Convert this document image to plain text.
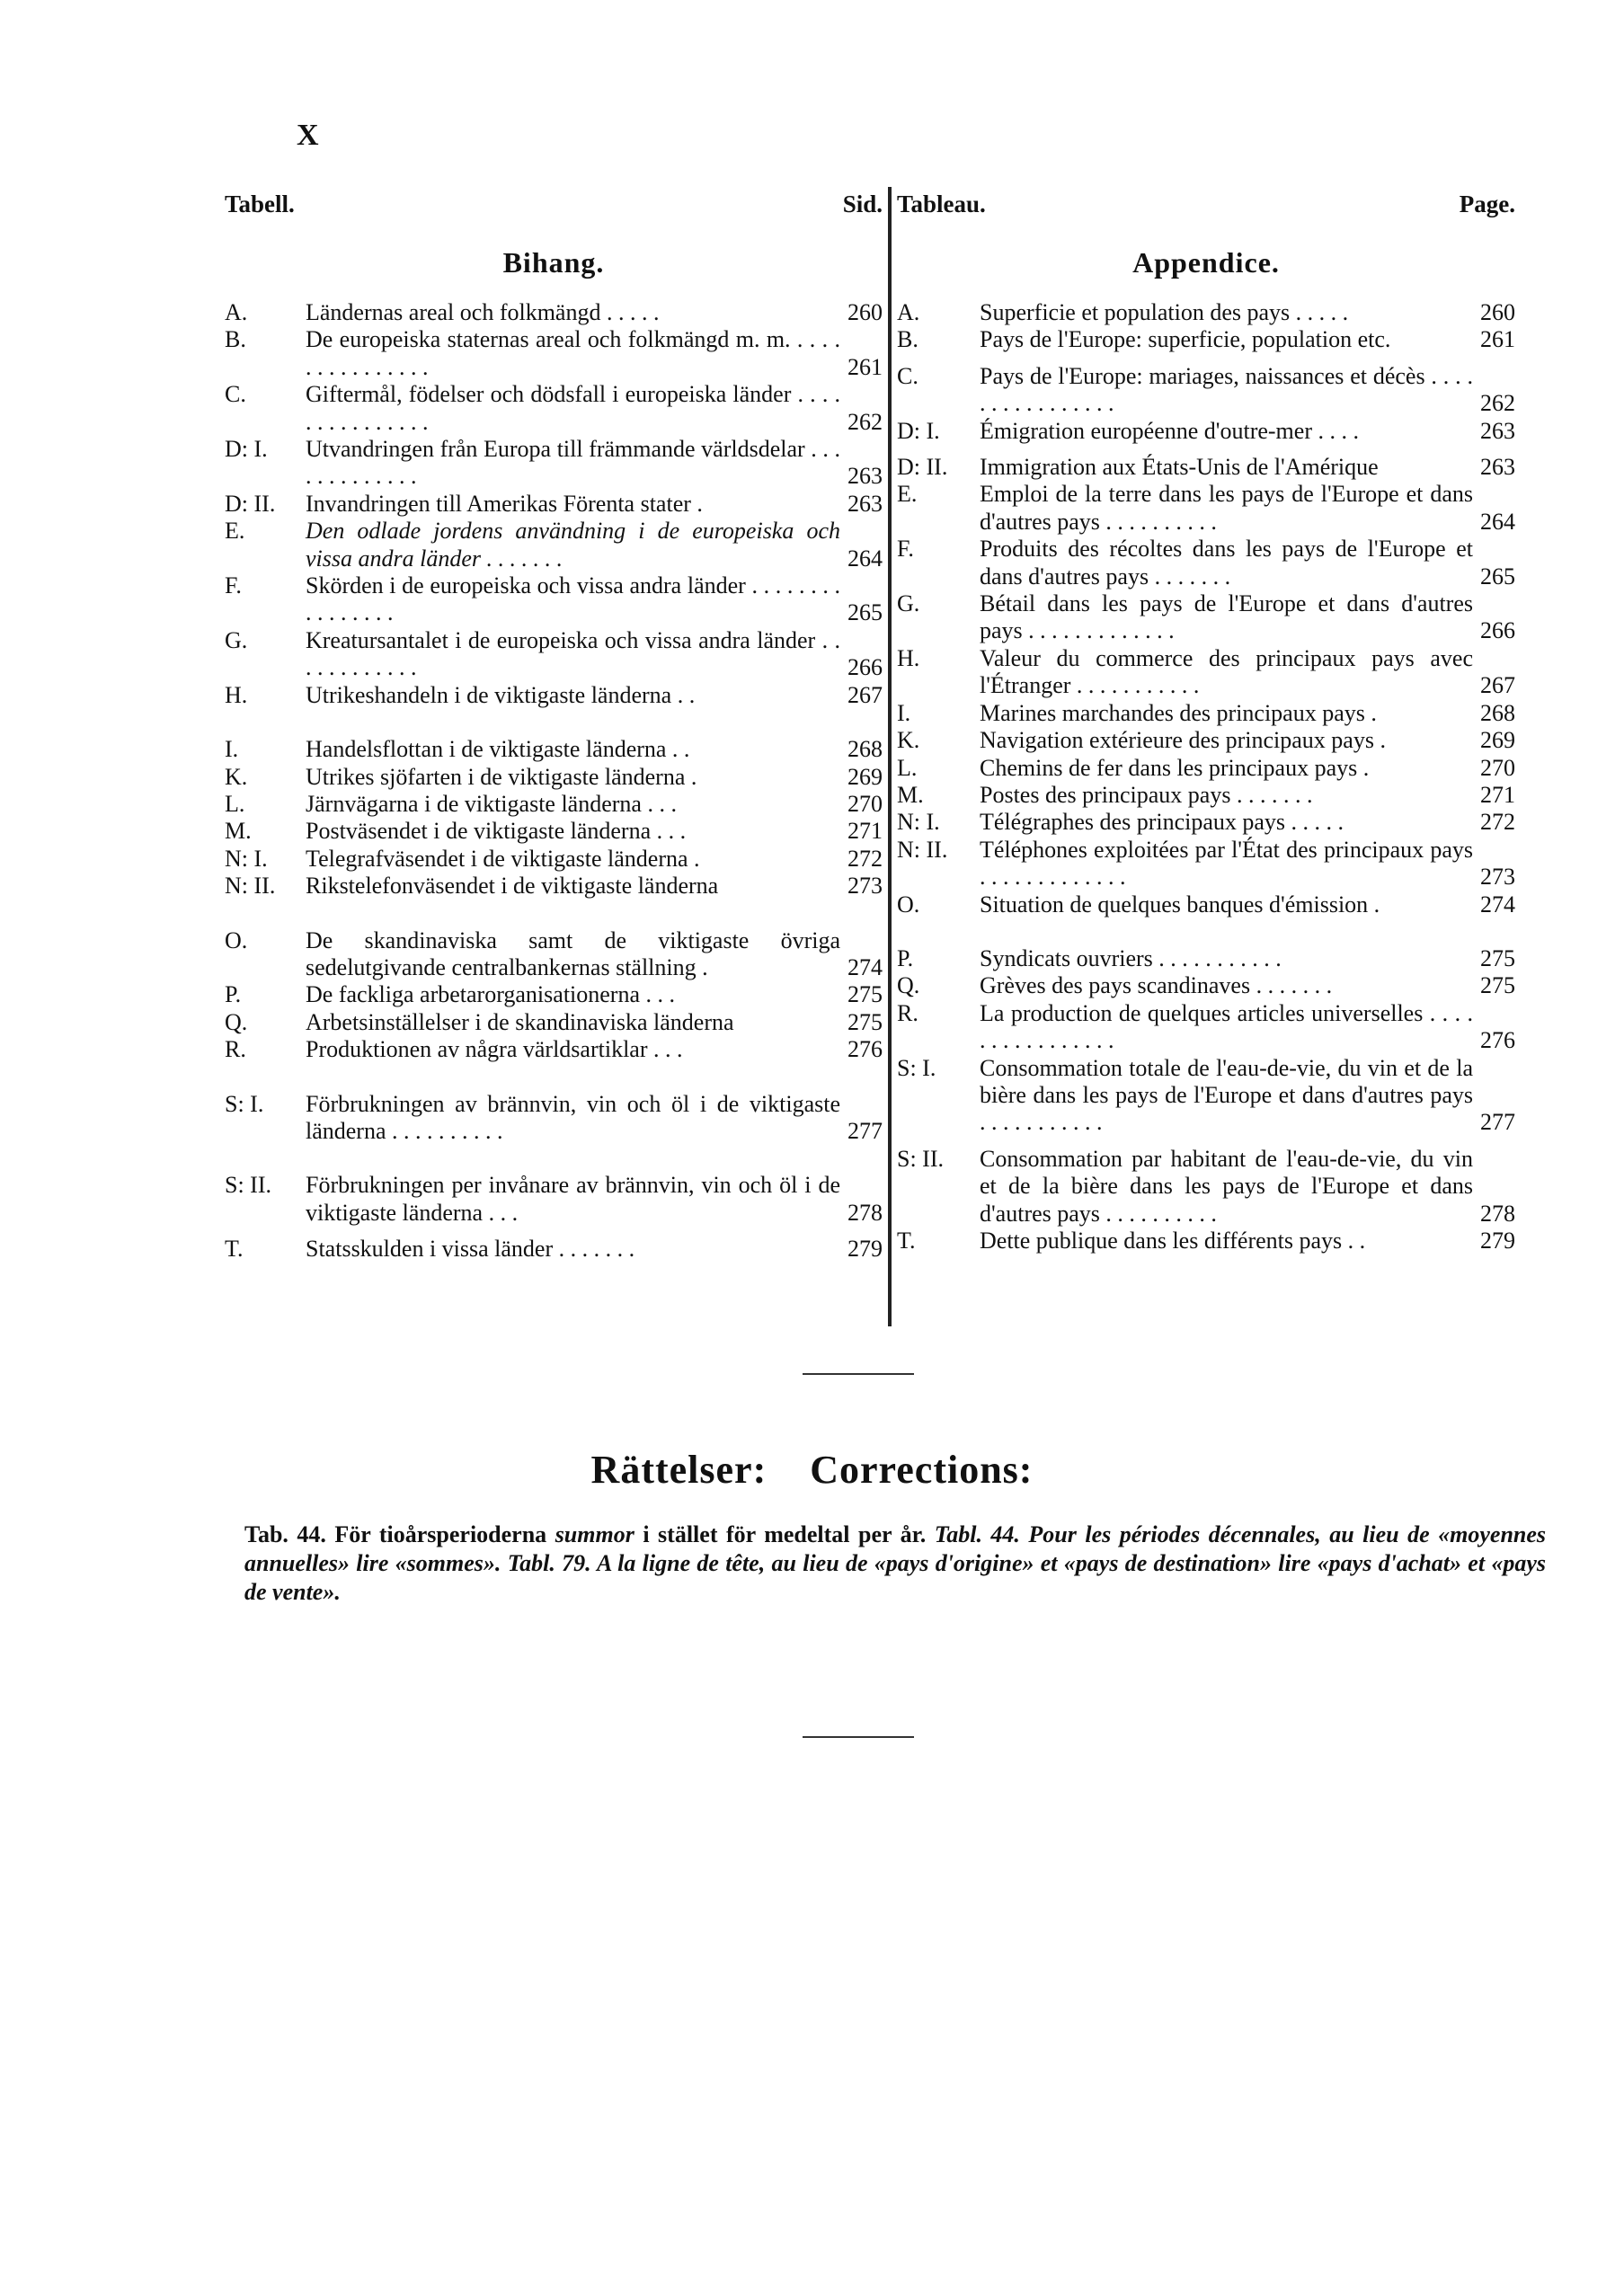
X
Tabell.	Sid.
Bihang.
A.	Ländernas areal och folkmängd . . . . .	260
B.	De europeiska staternas areal och folkmängd m. m. . . . . . . . . . . . . . . .	261
C.	Giftermål, födelser och dödsfall i europeiska länder . . . . . . . . . . . . . . .	262
D: I.	Utvandringen från Europa till främmande världsdelar . . . . . . . . . . . . .	263
D: II.	Invandringen till Amerikas Förenta stater .	263
E.	Den odlade jordens användning i de europeiska och vissa andra länder . . . . . . .	264
F.	Skörden i de europeiska och vissa andra länder . . . . . . . . . . . . . . . .	265
G.	Kreatursantalet i de europeiska och vissa andra länder . . . . . . . . . . . .	266
H.	Utrikeshandeln i de viktigaste länderna . .	267
I.	Handelsflottan i de viktigaste länderna . .	268
K.	Utrikes sjöfarten i de viktigaste länderna .	269
L.	Järnvägarna i de viktigaste länderna . . .	270
M.	Postväsendet i de viktigaste länderna . . .	271
N: I.	Telegrafväsendet i de viktigaste länderna .	272
N: II.	Rikstelefonväsendet i de viktigaste länderna	273
O.	De skandinaviska samt de viktigaste övriga sedelutgivande centralbankernas ställning .	274
P.	De fackliga arbetarorganisationerna . . .	275
Q.	Arbetsinställelser i de skandinaviska länderna	275
R.	Produktionen av några världsartiklar . . .	276
S: I.	Förbrukningen av brännvin, vin och öl i de viktigaste länderna . . . . . . . . . .	277
S: II.	Förbrukningen per invånare av brännvin, vin och öl i de viktigaste länderna . . .	278
T.	Statsskulden i vissa länder . . . . . . .	279
Tableau.	Page.
Appendice.
A.	Superficie et population des pays . . . . .	260
B.	Pays de l'Europe: superficie, population etc.	261
C.	Pays de l'Europe: mariages, naissances et décès . . . . . . . . . . . . . . . .	262
D: I.	Émigration européenne d'outre-mer . . . .	263
D: II.	Immigration aux États-Unis de l'Amérique	263
E.	Emploi de la terre dans les pays de l'Europe et dans d'autres pays . . . . . . . . . .	264
F.	Produits des récoltes dans les pays de l'Europe et dans d'autres pays . . . . . . .	265
G.	Bétail dans les pays de l'Europe et dans d'autres pays . . . . . . . . . . . . .	266
H.	Valeur du commerce des principaux pays avec l'Étranger . . . . . . . . . . .	267
I.	Marines marchandes des principaux pays .	268
K.	Navigation extérieure des principaux pays .	269
L.	Chemins de fer dans les principaux pays .	270
M.	Postes des principaux pays . . . . . . .	271
N: I.	Télégraphes des principaux pays . . . . .	272
N: II.	Téléphones exploitées par l'État des principaux pays . . . . . . . . . . . . .	273
O.	Situation de quelques banques d'émission .	274
P.	Syndicats ouvriers . . . . . . . . . . .	275
Q.	Grèves des pays scandinaves . . . . . . .	275
R.	La production de quelques articles universelles . . . . . . . . . . . . . . . .	276
S: I.	Consommation totale de l'eau-de-vie, du vin et de la bière dans les pays de l'Europe et dans d'autres pays . . . . . . . . . . .	277
S: II.	Consommation par habitant de l'eau-de-vie, du vin et de la bière dans les pays de l'Europe et dans d'autres pays . . . . . . . . . .	278
T.	Dette publique dans les différents pays . .	279
Rättelser: Corrections:
Tab. 44. För tioårsperioderna summor i stället för medeltal per år. Tabl. 44. Pour les périodes décennales, au lieu de «moyennes annuelles» lire «sommes». Tabl. 79. A la ligne de tête, au lieu de «pays d'origine» et «pays de destination» lire «pays d'achat» et «pays de vente».
